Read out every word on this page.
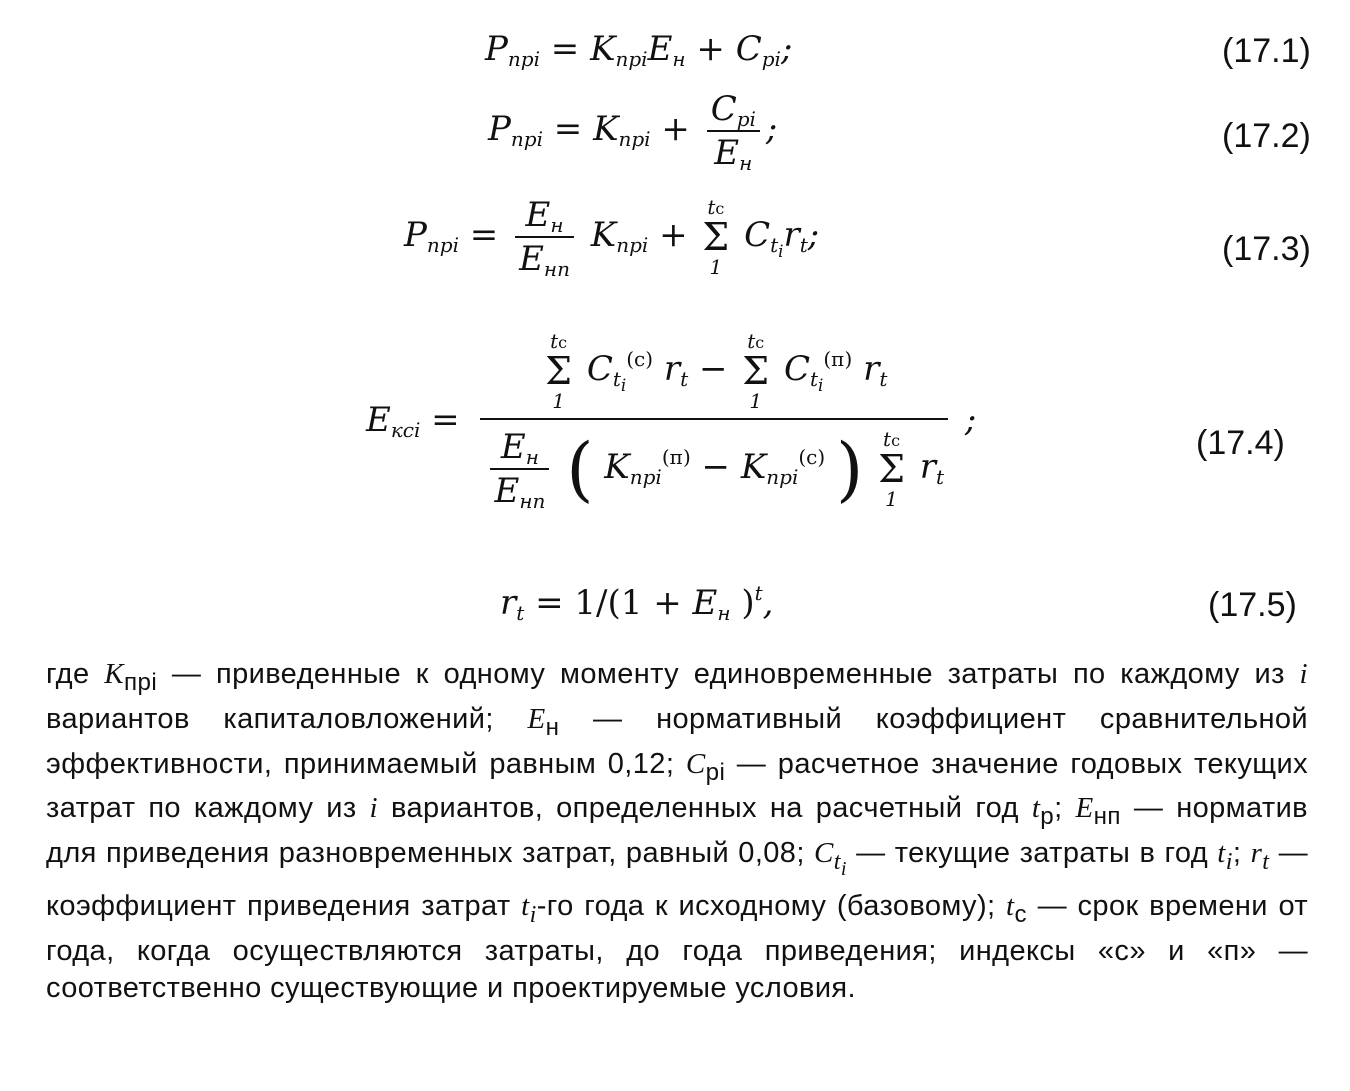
Pпрi = KпрiEн + Cрi;	(17.1)
Pпрi = Kпрi + $\frac{\text{Cрi}}{Eн}$ ;	(17.2)
Pпрi = $\frac{Eн}{\text{Eнп}}$ Kпрi +
tс
Σ
1
$Ct_irt$;	(17.3)
Eксi =
tс
Σ
1
$Ct_i^{(с)}$ rt −
tс
Σ
1
$Ct_i^{(п)}$ rt
$\frac{Eн}{\text{Eнп}}$ ( Kпрi$^{(п)}$ − Kпрi$^{(с)}$ ) tс
Σ
1
rt
;
(17.4)
rt = 1/(1 + Eн )$^t$,	(17.5)

где $K_{прi}$ — приведенные к одному моменту единовременные затраты по каждому из i вариантов капиталовложений; $E_н$ — нормативный коэффициент сравнительной эффективности, принимаемый равным 0,12; $C_{рi}$ — расчетное значение годовых текущих затрат по каждому из i вариантов, определенных на расчетный год $t_р$; $E_{нп}$ — норматив для приведения разновременных затрат, равный 0,08; $C_{t_i}$ — текущие затраты в год $t_i$; $r_t$ — коэффициент приведения затрат $t_i-го$ года к исходному (базовому); $t_с$ — срок времени от года, когда осуществляются затраты, до года приведения; индексы «с» и «п» — соответственно существующие и проектируемые условия.
